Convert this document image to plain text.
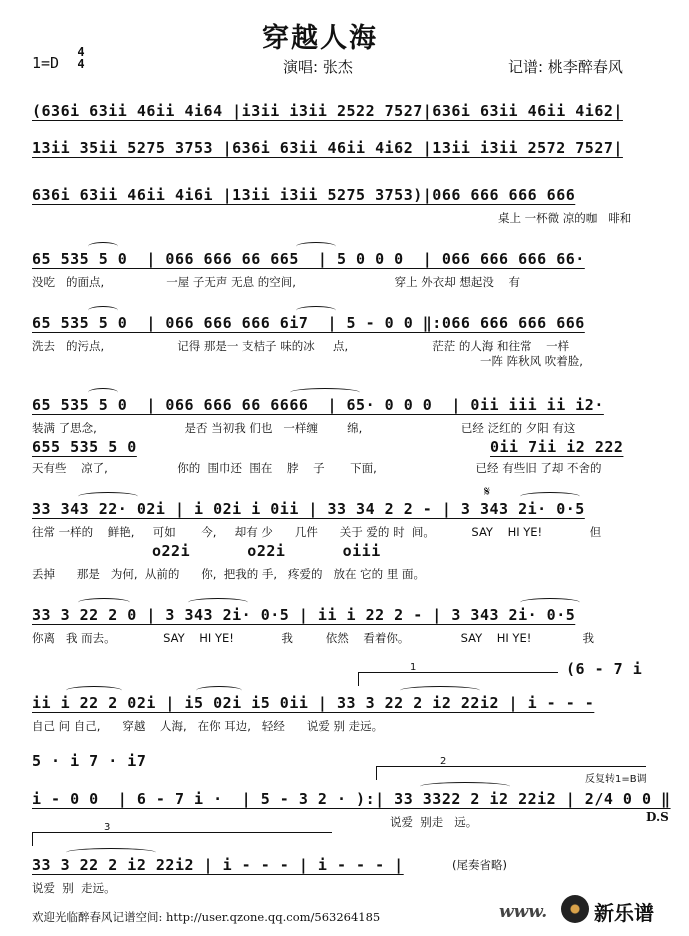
穿越人海
1=D
4
4	演唱: 张杰	记谱: 桃李醉春风
(636i 63ii 46ii 4i64 |i3ii i3ii 2522 7527|636i 63ii 46ii 4i62|
13ii 35ii 5275 3753 |636i 63ii 46ii 4i62 |13ii i3ii 2572 7527|
636i 63ii 46ii 4i6i |13ii i3ii 5275 3753)|066 666 666 666
桌上 一杯微 凉的咖   啡和
65 535 5 0  | 066 666 66 665  | 5 0 0 0  | 066 666 666 66·
没吃   的面点,                 一屋 子无声 无息 的空间,                           穿上 外衣却 想起没    有
65 535 5 0  | 066 666 666 6i7  | 5 - 0 0 ‖:066 666 666 666
洗去   的污点,                    记得 那是一 支桔子 味的冰     点,                       茫茫 的人海 和往常    一样
一阵 阵秋风 吹着脸,
65 535 5 0  | 066 666 66 6666  | 65· 0 0 0  | 0ii iii ii i2·
装满 了思念,                        是否 当初我 们也   一样缠        绵,                           已经 泛红的 夕阳 有这
655 535 5 0	0ii 7ii i2 222
天有些    凉了,                   你的  围巾还  围在    脖    子       下面,                           已经 有些旧 了却 不舍的
33 343 22· 02i | i 02i i 0ii | 33 34 2 2 - | 3 343 2i· 0·5
𝄋
往常 一样的    鲜艳,     可如       今,     却有 少      几件      关于 爱的 时  间。          SAY    HI YE!             但
o22i      o22i      oiii
丢掉      那是   为何,  从前的      你,  把我的 手,   疼爱的   放在 它的 里 面。
33 3 22 2 0 | 3 343 2i· 0·5 | ii i 22 2 - | 3 343 2i· 0·5
你离   我 而去。             SAY    HI YE!             我         依然    看着你。              SAY    HI YE!              我
1	(6 - 7 i
ii i 22 2 02i | i5 02i i5 0ii | 33 3 22 2 i2 22i2 | i - - -
自己 问 自己,      穿越    人海,   在你 耳边,   轻经      说爱 别 走远。
5 · i 7 · i7	2
反复转1=B调
i - 0 0  | 6 - 7 i ·  | 5 - 3 2 · ):| 33 3322 2 i2 22i2 | 2/4 0 0 ‖
说爱  别走   远。	D.S
3
33 3 22 2 i2 22i2 | i - - - | i - - - |	(尾奏省略)
说爱  别  走远。
欢迎光临醉春风记谱空间: http://user.qzone.qq.com/563264185	www. 新乐谱
